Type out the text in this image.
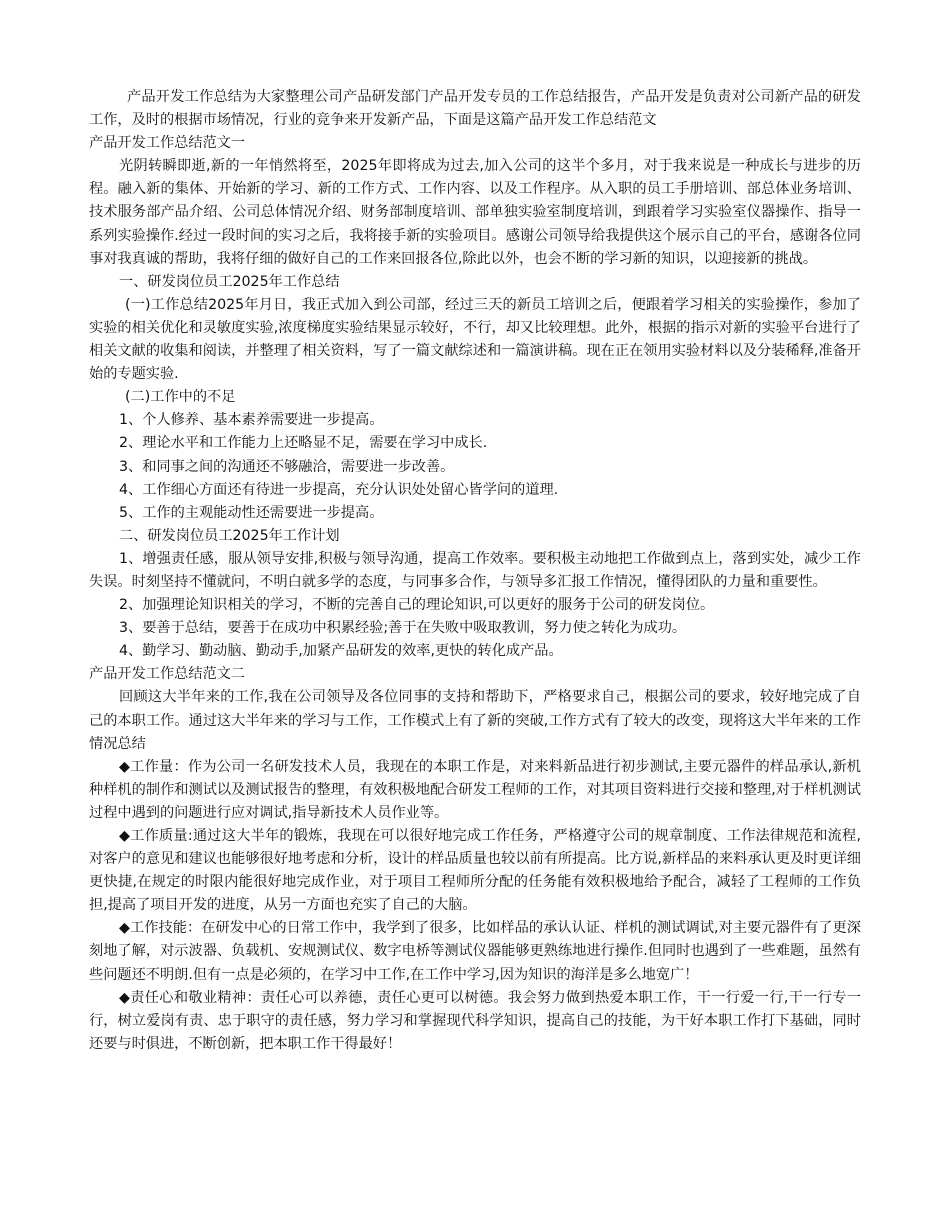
产品开发工作总结为大家整理公司产品研发部门产品开发专员的工作总结报告，产品开发是负责对公司新产品的研发工作，及时的根据市场情况，行业的竞争来开发新产品，下面是这篇产品开发工作总结范文

产品开发工作总结范文一

光阴转瞬即逝,新的一年悄然将至，2025年即将成为过去,加入公司的这半个多月，对于我来说是一种成长与进步的历程。融入新的集体、开始新的学习、新的工作方式、工作内容、以及工作程序。从入职的员工手册培训、部总体业务培训、技术服务部产品介绍、公司总体情况介绍、财务部制度培训、部单独实验室制度培训，到跟着学习实验室仪器操作、指导一系列实验操作.经过一段时间的实习之后，我将接手新的实验项目。感谢公司领导给我提供这个展示自己的平台，感谢各位同事对我真诚的帮助，我将仔细的做好自己的工作来回报各位,除此以外，也会不断的学习新的知识，以迎接新的挑战。

一、研发岗位员工2025年工作总结

(一)工作总结2025年月日，我正式加入到公司部，经过三天的新员工培训之后，便跟着学习相关的实验操作，参加了实验的相关优化和灵敏度实验,浓度梯度实验结果显示较好，不行，却又比较理想。此外，根据的指示对新的实验平台进行了相关文献的收集和阅读，并整理了相关资料，写了一篇文献综述和一篇演讲稿。现在正在领用实验材料以及分装稀释,准备开始的专题实验.

(二)工作中的不足

1、个人修养、基本素养需要进一步提高。

2、理论水平和工作能力上还略显不足，需要在学习中成长.

3、和同事之间的沟通还不够融洽，需要进一步改善。

4、工作细心方面还有待进一步提高，充分认识处处留心皆学问的道理.

5、工作的主观能动性还需要进一步提高。

二、研发岗位员工2025年工作计划

1、增强责任感，服从领导安排,积极与领导沟通，提高工作效率。要积极主动地把工作做到点上，落到实处，减少工作失误。时刻坚持不懂就问，不明白就多学的态度，与同事多合作，与领导多汇报工作情况，懂得团队的力量和重要性。

2、加强理论知识相关的学习，不断的完善自己的理论知识,可以更好的服务于公司的研发岗位。

3、要善于总结，要善于在成功中积累经验;善于在失败中吸取教训，努力使之转化为成功。

4、勤学习、勤动脑、勤动手,加紧产品研发的效率,更快的转化成产品。

产品开发工作总结范文二

回顾这大半年来的工作,我在公司领导及各位同事的支持和帮助下，严格要求自己，根据公司的要求，较好地完成了自己的本职工作。通过这大半年来的学习与工作，工作模式上有了新的突破,工作方式有了较大的改变，现将这大半年来的工作情况总结

◆工作量：作为公司一名研发技术人员，我现在的本职工作是，对来料新品进行初步测试,主要元器件的样品承认,新机种样机的制作和测试以及测试报告的整理，有效积极地配合研发工程师的工作，对其项目资料进行交接和整理,对于样机测试过程中遇到的问题进行应对调试,指导新技术人员作业等。

◆工作质量:通过这大半年的锻炼，我现在可以很好地完成工作任务，严格遵守公司的规章制度、工作法律规范和流程,对客户的意见和建议也能够很好地考虑和分析，设计的样品质量也较以前有所提高。比方说,新样品的来料承认更及时更详细更快捷,在规定的时限内能很好地完成作业，对于项目工程师所分配的任务能有效积极地给予配合，减轻了工程师的工作负担,提高了项目开发的进度，从另一方面也充实了自己的大脑。

◆工作技能：在研发中心的日常工作中，我学到了很多，比如样品的承认认证、样机的测试调试,对主要元器件有了更深刻地了解，对示波器、负载机、安规测试仪、数字电桥等测试仪器能够更熟练地进行操作.但同时也遇到了一些难题，虽然有些问题还不明朗.但有一点是必须的，在学习中工作,在工作中学习,因为知识的海洋是多么地宽广！

◆责任心和敬业精神：责任心可以养德，责任心更可以树德。我会努力做到热爱本职工作，干一行爱一行,干一行专一行，树立爱岗有责、忠于职守的责任感，努力学习和掌握现代科学知识，提高自己的技能，为干好本职工作打下基础，同时还要与时俱进，不断创新，把本职工作干得最好！
